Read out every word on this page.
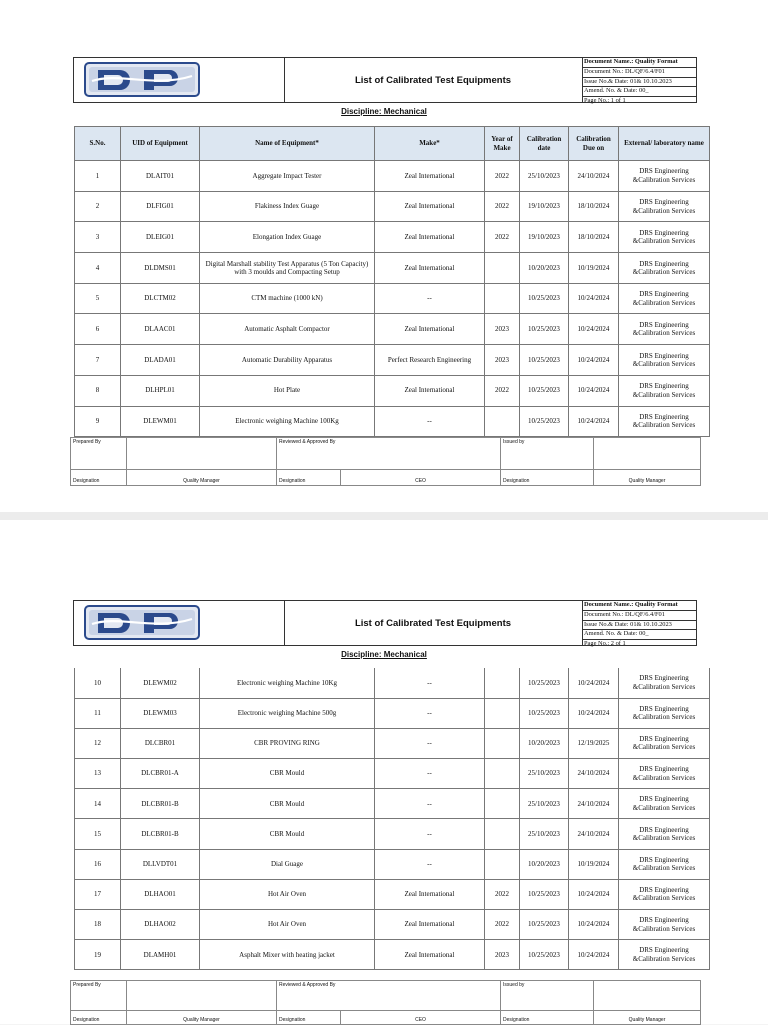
List of Calibrated Test Equipments
Document Name.: Quality Format
Document No.: DL/QF/6.4/F01
Issue No.& Date: 01& 10.10.2023
Amend. No. & Date: 00_
Page No.: 1 of 1
Discipline: Mechanical
S.No.	UID of Equipment	Name of Equipment*	Make*	Year of Make	Calibration date	Calibration Due on	External/ laboratory name
1	DLAIT01	Aggregate Impact Tester	Zeal International	2022	25/10/2023	24/10/2024	DRS Engineering &Calibration Services
2	DLFIG01	Flakiness Index Guage	Zeal International	2022	19/10/2023	18/10/2024	DRS Engineering &Calibration Services
3	DLEIG01	Elongation Index Guage	Zeal International	2022	19/10/2023	18/10/2024	DRS Engineering &Calibration Services
4	DLDMS01	Digital Marshall stability Test Apparatus (5 Ton Capacity) with 3 moulds and Compacting Setup	Zeal International		10/20/2023	10/19/2024	DRS Engineering &Calibration Services
5	DLCTM02	CTM machine (1000 kN)	--		10/25/2023	10/24/2024	DRS Engineering &Calibration Services
6	DLAAC01	Automatic Asphalt Compactor	Zeal International	2023	10/25/2023	10/24/2024	DRS Engineering &Calibration Services
7	DLADA01	Automatic Durability Apparatus	Perfect Research Engineering	2023	10/25/2023	10/24/2024	DRS Engineering &Calibration Services
8	DLHPL01	Hot Plate	Zeal International	2022	10/25/2023	10/24/2024	DRS Engineering &Calibration Services
9	DLEWM01	Electronic weighing Machine 100Kg	--		10/25/2023	10/24/2024	DRS Engineering &Calibration Services
Prepared By		Reviewed & Approved By		Issued by	
Designation	Quality Manager	Designation	CEO	Designation	Quality Manager
List of Calibrated Test Equipments
Document Name.: Quality Format
Document No.: DL/QF/6.4/F01
Issue No.& Date: 01& 10.10.2023
Amend. No. & Date: 00_
Page No.: 2 of 1
Discipline: Mechanical
10	DLEWM02	Electronic weighing Machine 10Kg	--		10/25/2023	10/24/2024	DRS Engineering &Calibration Services
11	DLEWM03	Electronic weighing Machine 500g	--		10/25/2023	10/24/2024	DRS Engineering &Calibration Services
12	DLCBR01	CBR PROVING RING	--		10/20/2023	12/19/2025	DRS Engineering &Calibration Services
13	DLCBR01-A	CBR Mould	--		25/10/2023	24/10/2024	DRS Engineering &Calibration Services
14	DLCBR01-B	CBR Mould	--		25/10/2023	24/10/2024	DRS Engineering &Calibration Services
15	DLCBR01-B	CBR Mould	--		25/10/2023	24/10/2024	DRS Engineering &Calibration Services
16	DLLVDT01	Dial Guage	--		10/20/2023	10/19/2024	DRS Engineering &Calibration Services
17	DLHAO01	Hot Air Oven	Zeal International	2022	10/25/2023	10/24/2024	DRS Engineering &Calibration Services
18	DLHAO02	Hot Air Oven	Zeal International	2022	10/25/2023	10/24/2024	DRS Engineering &Calibration Services
19	DLAMH01	Asphalt Mixer with heating jacket	Zeal International	2023	10/25/2023	10/24/2024	DRS Engineering &Calibration Services
Prepared By		Reviewed & Approved By		Issued by	
Designation	Quality Manager	Designation	CEO	Designation	Quality Manager
